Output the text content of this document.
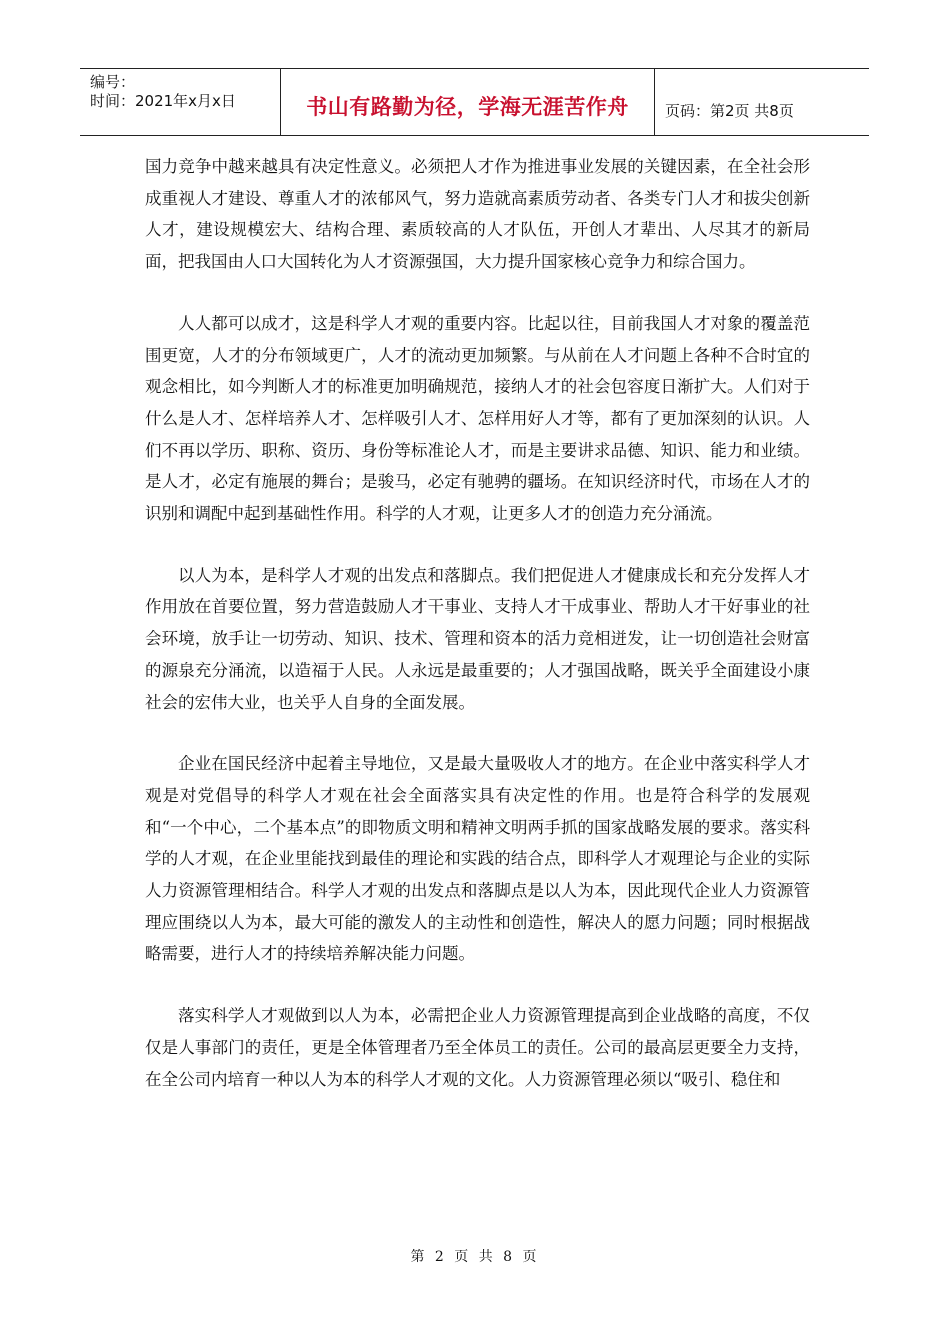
编号：
时间：2021年x月x日	书山有路勤为径，学海无涯苦作舟	页码：第2页 共8页

国力竞争中越来越具有决定性意义。必须把人才作为推进事业发展的关键因素，在全社会形成重视人才建设、尊重人才的浓郁风气，努力造就高素质劳动者、各类专门人才和拔尖创新人才，建设规模宏大、结构合理、素质较高的人才队伍，开创人才辈出、人尽其才的新局面，把我国由人口大国转化为人才资源强国，大力提升国家核心竞争力和综合国力。

人人都可以成才，这是科学人才观的重要内容。比起以往，目前我国人才对象的覆盖范围更宽，人才的分布领域更广，人才的流动更加频繁。与从前在人才问题上各种不合时宜的观念相比，如今判断人才的标准更加明确规范，接纳人才的社会包容度日渐扩大。人们对于什么是人才、怎样培养人才、怎样吸引人才、怎样用好人才等，都有了更加深刻的认识。人们不再以学历、职称、资历、身份等标准论人才，而是主要讲求品德、知识、能力和业绩。是人才，必定有施展的舞台；是骏马，必定有驰骋的疆场。在知识经济时代，市场在人才的识别和调配中起到基础性作用。科学的人才观，让更多人才的创造力充分涌流。

以人为本，是科学人才观的出发点和落脚点。我们把促进人才健康成长和充分发挥人才作用放在首要位置，努力营造鼓励人才干事业、支持人才干成事业、帮助人才干好事业的社会环境，放手让一切劳动、知识、技术、管理和资本的活力竞相迸发，让一切创造社会财富的源泉充分涌流，以造福于人民。人永远是最重要的；人才强国战略，既关乎全面建设小康社会的宏伟大业，也关乎人自身的全面发展。

企业在国民经济中起着主导地位，又是最大量吸收人才的地方。在企业中落实科学人才观是对党倡导的科学人才观在社会全面落实具有决定性的作用。也是符合科学的发展观和“一个中心，二个基本点”的即物质文明和精神文明两手抓的国家战略发展的要求。落实科学的人才观，在企业里能找到最佳的理论和实践的结合点，即科学人才观理论与企业的实际人力资源管理相结合。科学人才观的出发点和落脚点是以人为本，因此现代企业人力资源管理应围绕以人为本，最大可能的激发人的主动性和创造性，解决人的愿力问题；同时根据战略需要，进行人才的持续培养解决能力问题。

落实科学人才观做到以人为本，必需把企业人力资源管理提高到企业战略的高度，不仅仅是人事部门的责任，更是全体管理者乃至全体员工的责任。公司的最高层更要全力支持，在全公司内培育一种以人为本的科学人才观的文化。人力资源管理必须以“吸引、稳住和

第 2 页 共 8 页
